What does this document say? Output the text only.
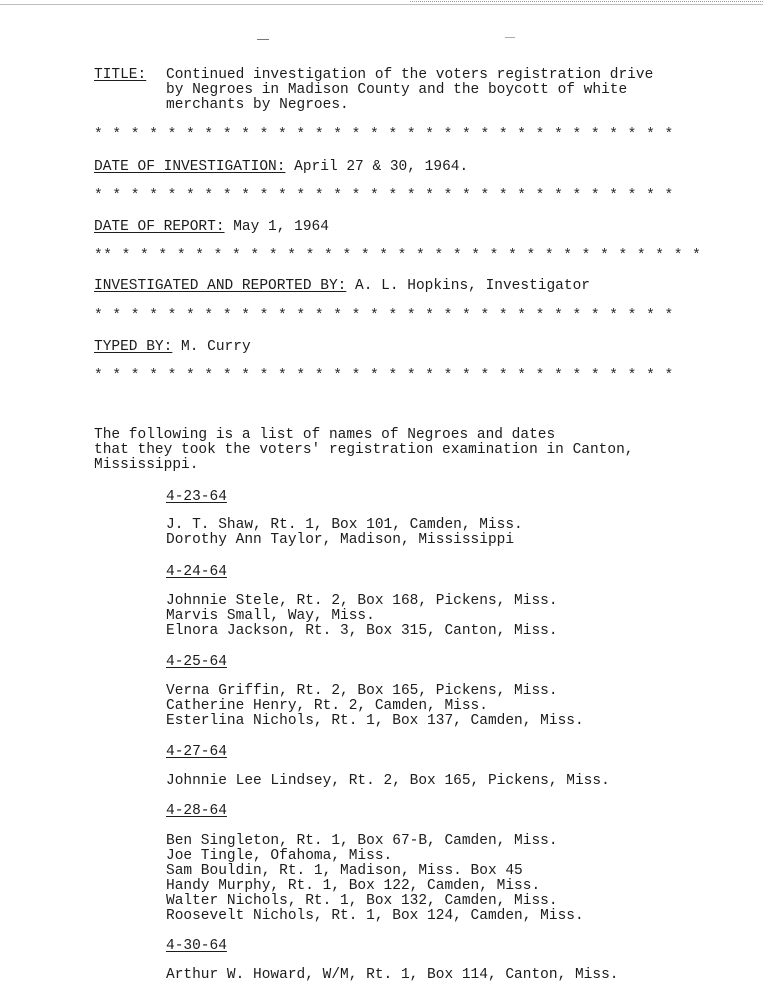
TITLE: Continued investigation of the voters registration drive
by Negroes in Madison County and the boycott of white
merchants by Negroes.
* * * * * * * * * * * * * * * * * * * * * * * * * * * * * * * *
DATE OF INVESTIGATION: April 27 & 30, 1964.
* * * * * * * * * * * * * * * * * * * * * * * * * * * * * * * *
DATE OF REPORT: May 1, 1964
** * * * * * * * * * * * * * * * * * * * * * * * * * * * * * * * *
INVESTIGATED AND REPORTED BY: A. L. Hopkins, Investigator
* * * * * * * * * * * * * * * * * * * * * * * * * * * * * * * *
TYPED BY: M. Curry
* * * * * * * * * * * * * * * * * * * * * * * * * * * * * * * *
The following is a list of names of Negroes and dates
that they took the voters' registration examination in Canton,
Mississippi.
4-23-64
J. T. Shaw, Rt. 1, Box 101, Camden, Miss.
Dorothy Ann Taylor, Madison, Mississippi
4-24-64
Johnnie Stele, Rt. 2, Box 168, Pickens, Miss.
Marvis Small, Way, Miss.
Elnora Jackson, Rt. 3, Box 315, Canton, Miss.
4-25-64
Verna Griffin, Rt. 2, Box 165, Pickens, Miss.
Catherine Henry, Rt. 2, Camden, Miss.
Esterlina Nichols, Rt. 1, Box 137, Camden, Miss.
4-27-64
Johnnie Lee Lindsey, Rt. 2, Box 165, Pickens, Miss.
4-28-64
Ben Singleton, Rt. 1, Box 67-B, Camden, Miss.
Joe Tingle, Ofahoma, Miss.
Sam Bouldin, Rt. 1, Madison, Miss. Box 45
Handy Murphy, Rt. 1, Box 122, Camden, Miss.
Walter Nichols, Rt. 1, Box 132, Camden, Miss.
Roosevelt Nichols, Rt. 1, Box 124, Camden, Miss.
4-30-64
Arthur W. Howard, W/M, Rt. 1, Box 114, Canton, Miss.
